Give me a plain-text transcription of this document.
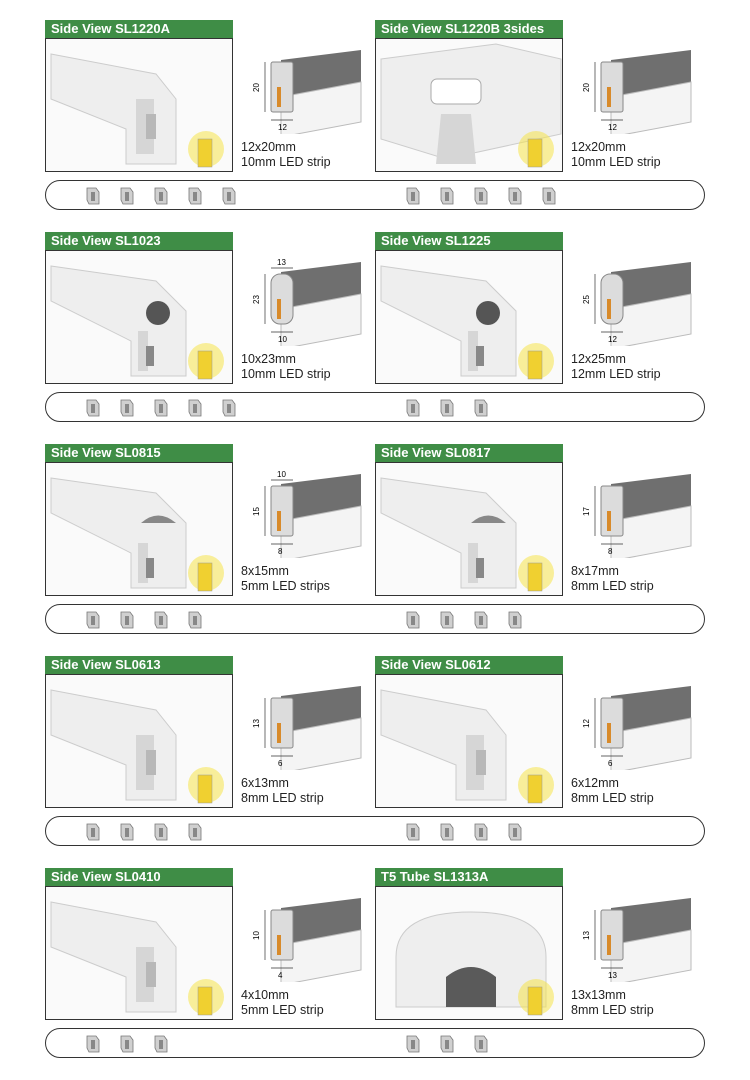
Side View SL1220A
20
12
12x20mm
10mm LED strip
Side View SL1220B 3sides
20
12
12x20mm
10mm LED strip
Side View SL1023
23
10
13
10x23mm
10mm LED strip
Side View SL1225
25
12
12x25mm
12mm LED strip
Side View SL0815
15
8
10
8x15mm
5mm LED strips
Side View SL0817
17
8
8x17mm
8mm LED strip
Side View SL0613
13
6
6x13mm
8mm LED strip
Side View SL0612
12
6
6x12mm
8mm LED strip
Side View SL0410
10
4
4x10mm
5mm LED strip
T5 Tube SL1313A
13
13
13x13mm
8mm LED strip
